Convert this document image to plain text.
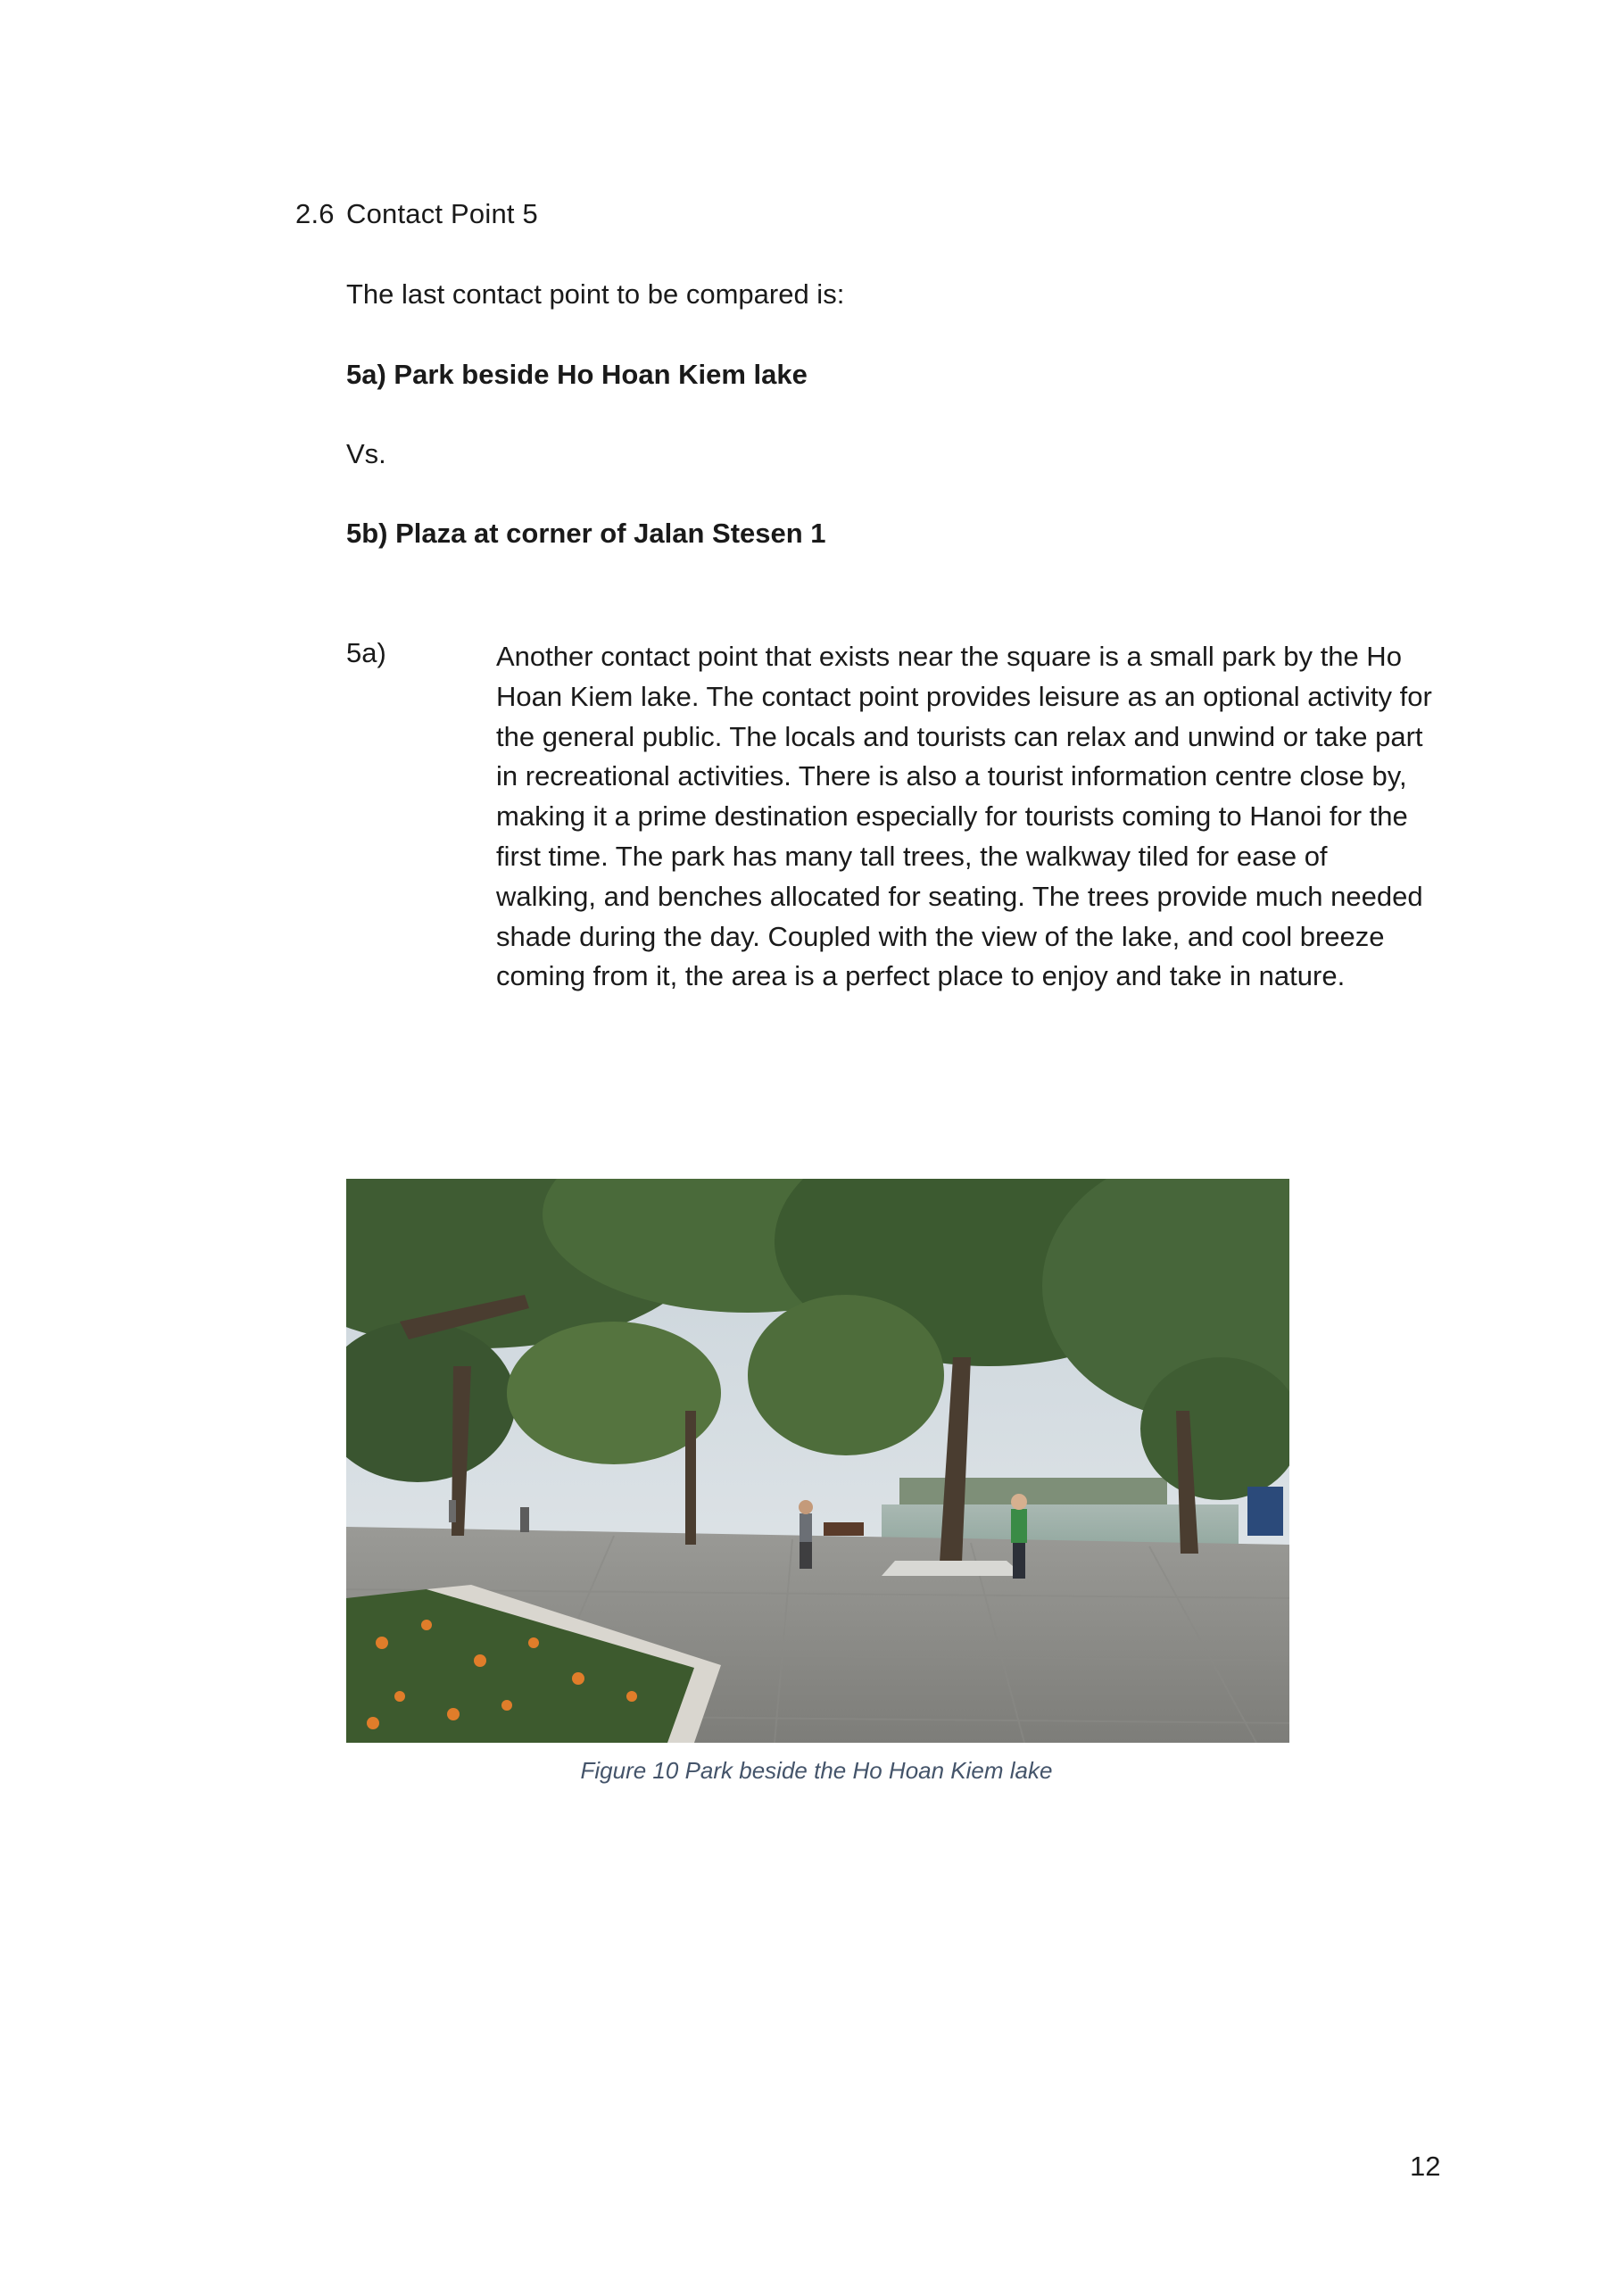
2.6 Contact Point 5
The last contact point to be compared is:
5a) Park beside Ho Hoan Kiem lake
Vs.
5b) Plaza at corner of Jalan Stesen 1
5a)	Another contact point that exists near the square is a small park by the Ho
Hoan Kiem lake. The contact point provides leisure as an optional activity for
the general public. The locals and tourists can relax and unwind or take part
in recreational activities. There is also a tourist information centre close by,
making it a prime destination especially for tourists coming to Hanoi for the
first time. The park has many tall trees, the walkway tiled for ease of
walking, and benches allocated for seating. The trees provide much needed
shade during the day. Coupled with the view of the lake, and cool breeze
coming from it, the area is a perfect place to enjoy and take in nature.
Figure 10 Park beside the Ho Hoan Kiem lake
12
